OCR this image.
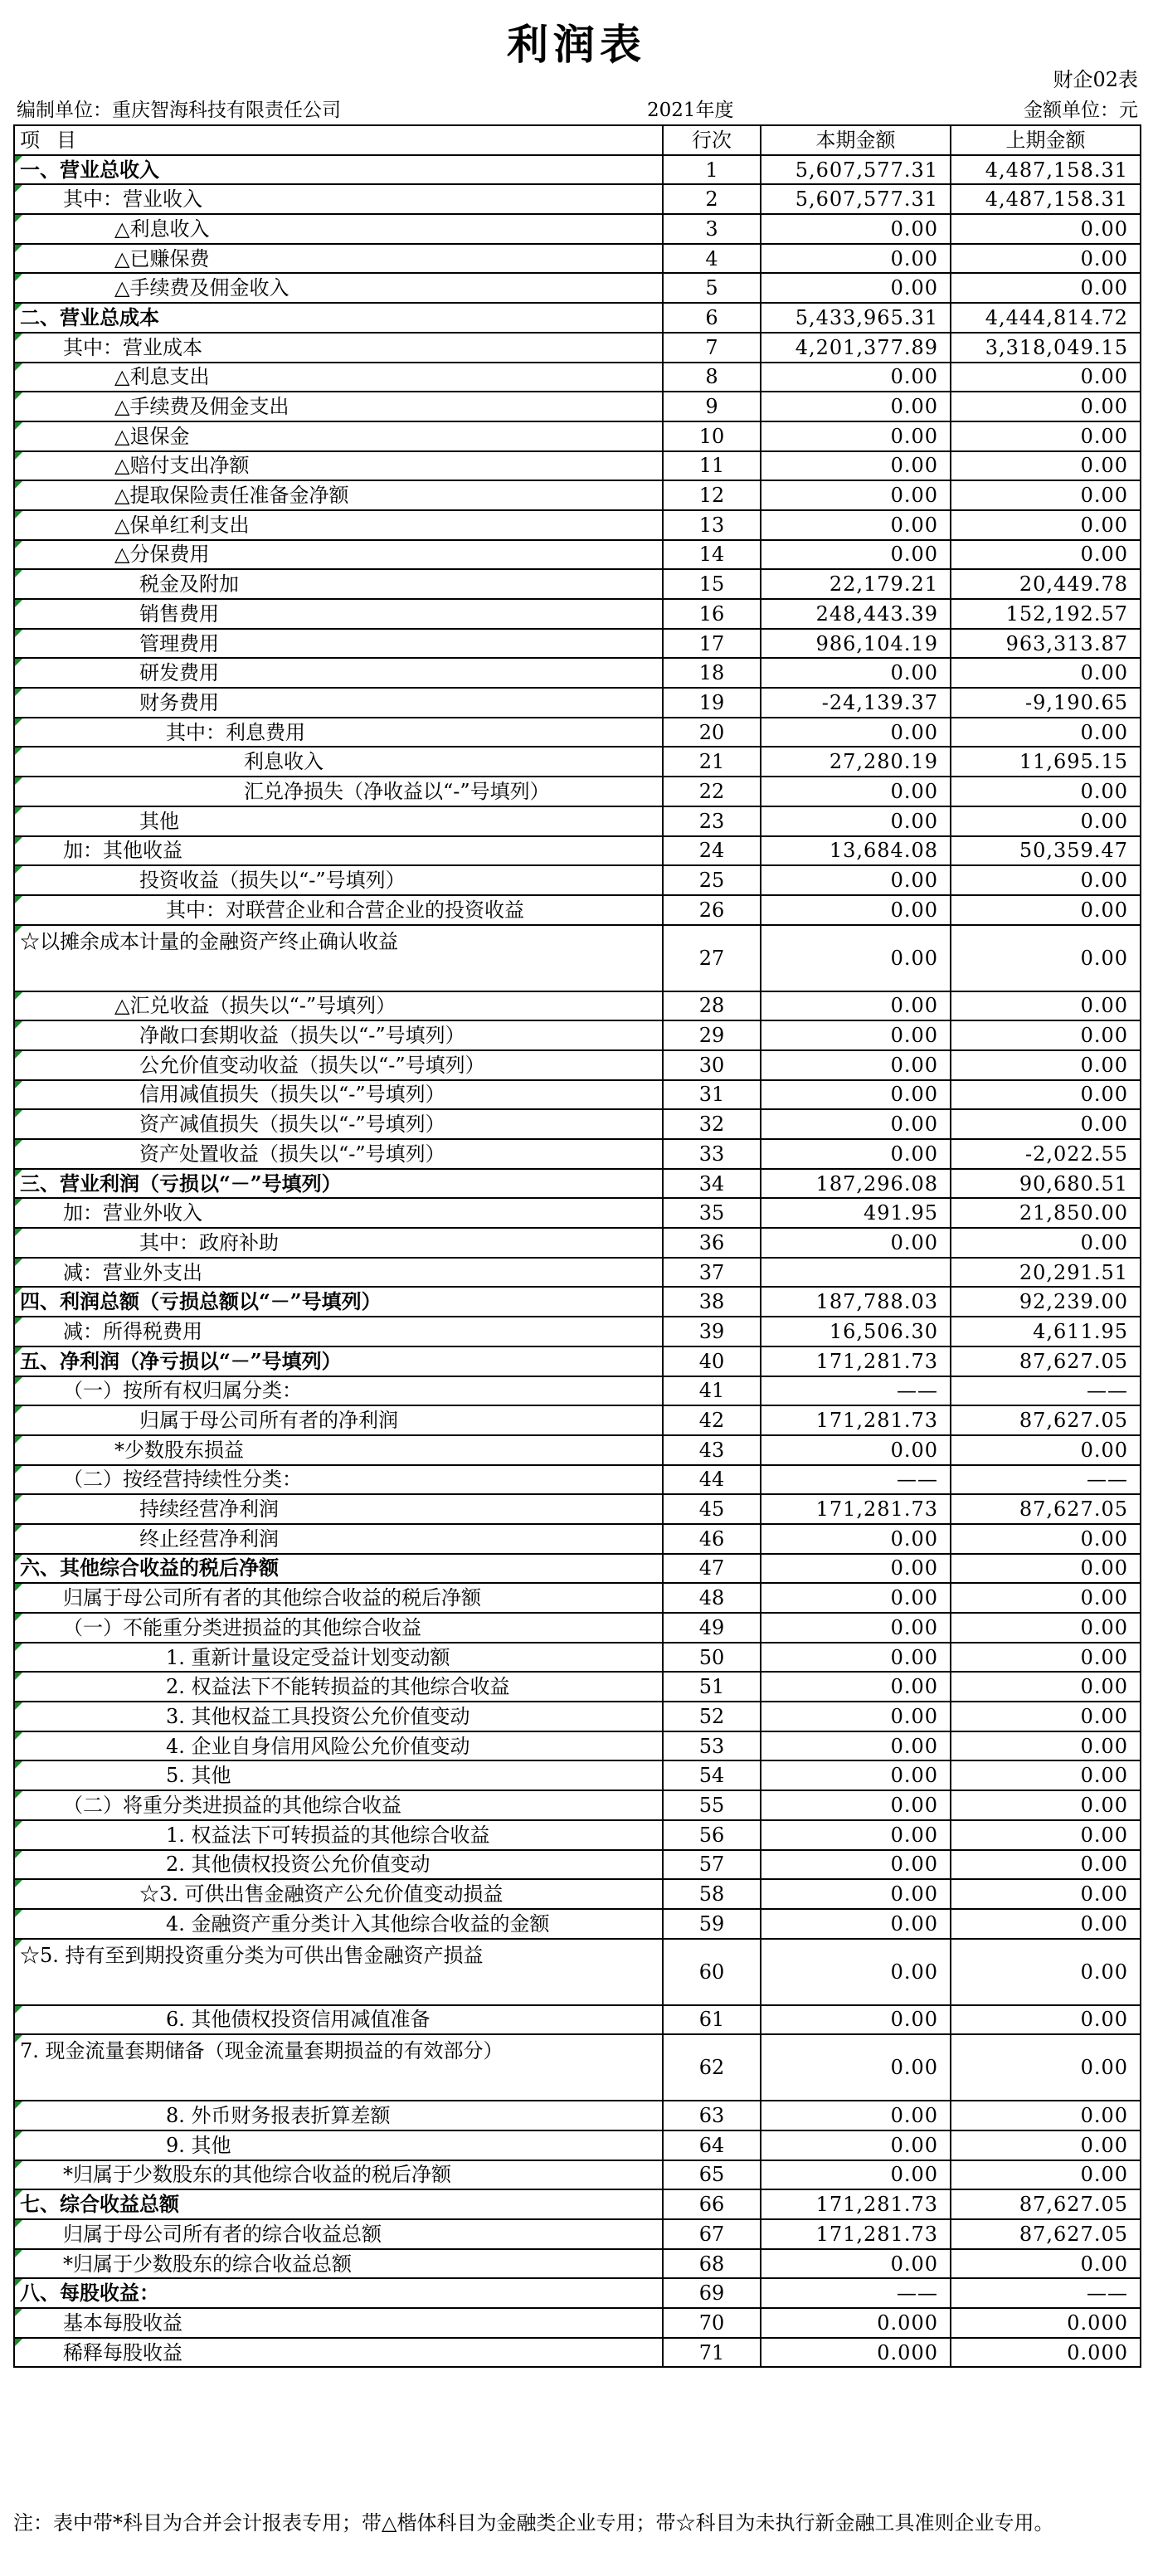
利润表
财企02表
编制单位：重庆智海科技有限责任公司	2021年度	金额单位：元
项目	行次	本期金额	上期金额
一、营业总收入	1	5,607,577.31	4,487,158.31
其中：营业收入	2	5,607,577.31	4,487,158.31
△利息收入	3	0.00	0.00
△已赚保费	4	0.00	0.00
△手续费及佣金收入	5	0.00	0.00
二、营业总成本	6	5,433,965.31	4,444,814.72
其中：营业成本	7	4,201,377.89	3,318,049.15
△利息支出	8	0.00	0.00
△手续费及佣金支出	9	0.00	0.00
△退保金	10	0.00	0.00
△赔付支出净额	11	0.00	0.00
△提取保险责任准备金净额	12	0.00	0.00
△保单红利支出	13	0.00	0.00
△分保费用	14	0.00	0.00
税金及附加	15	22,179.21	20,449.78
销售费用	16	248,443.39	152,192.57
管理费用	17	986,104.19	963,313.87
研发费用	18	0.00	0.00
财务费用	19	-24,139.37	-9,190.65
其中：利息费用	20	0.00	0.00
利息收入	21	27,280.19	11,695.15
汇兑净损失（净收益以“-”号填列）	22	0.00	0.00
其他	23	0.00	0.00
加：其他收益	24	13,684.08	50,359.47
投资收益（损失以“-”号填列）	25	0.00	0.00
其中：对联营企业和合营企业的投资收益	26	0.00	0.00
☆以摊余成本计量的金融资产终止确认收益	27	0.00	0.00
△汇兑收益（损失以“-”号填列）	28	0.00	0.00
净敞口套期收益（损失以“-”号填列）	29	0.00	0.00
公允价值变动收益（损失以“-”号填列）	30	0.00	0.00
信用减值损失（损失以“-”号填列）	31	0.00	0.00
资产减值损失（损失以“-”号填列）	32	0.00	0.00
资产处置收益（损失以“-”号填列）	33	0.00	-2,022.55
三、营业利润（亏损以“－”号填列）	34	187,296.08	90,680.51
加：营业外收入	35	491.95	21,850.00
其中：政府补助	36	0.00	0.00
减：营业外支出	37		20,291.51
四、利润总额（亏损总额以“－”号填列）	38	187,788.03	92,239.00
减：所得税费用	39	16,506.30	4,611.95
五、净利润（净亏损以“－”号填列）	40	171,281.73	87,627.05
（一）按所有权归属分类：	41	——	——
归属于母公司所有者的净利润	42	171,281.73	87,627.05
*少数股东损益	43	0.00	0.00
（二）按经营持续性分类：	44	——	——
持续经营净利润	45	171,281.73	87,627.05
终止经营净利润	46	0.00	0.00
六、其他综合收益的税后净额	47	0.00	0.00
归属于母公司所有者的其他综合收益的税后净额	48	0.00	0.00
（一）不能重分类进损益的其他综合收益	49	0.00	0.00
1. 重新计量设定受益计划变动额	50	0.00	0.00
2. 权益法下不能转损益的其他综合收益	51	0.00	0.00
3. 其他权益工具投资公允价值变动	52	0.00	0.00
4. 企业自身信用风险公允价值变动	53	0.00	0.00
5. 其他	54	0.00	0.00
（二）将重分类进损益的其他综合收益	55	0.00	0.00
1. 权益法下可转损益的其他综合收益	56	0.00	0.00
2. 其他债权投资公允价值变动	57	0.00	0.00
☆3. 可供出售金融资产公允价值变动损益	58	0.00	0.00
4. 金融资产重分类计入其他综合收益的金额	59	0.00	0.00
☆5. 持有至到期投资重分类为可供出售金融资产损益	60	0.00	0.00
6. 其他债权投资信用减值准备	61	0.00	0.00
7. 现金流量套期储备（现金流量套期损益的有效部分）	62	0.00	0.00
8. 外币财务报表折算差额	63	0.00	0.00
9. 其他	64	0.00	0.00
*归属于少数股东的其他综合收益的税后净额	65	0.00	0.00
七、综合收益总额	66	171,281.73	87,627.05
归属于母公司所有者的综合收益总额	67	171,281.73	87,627.05
*归属于少数股东的综合收益总额	68	0.00	0.00
八、每股收益：	69	——	——
基本每股收益	70	0.000	0.000
稀释每股收益	71	0.000	0.000
注：表中带*科目为合并会计报表专用；带△楷体科目为金融类企业专用；带☆科目为未执行新金融工具准则企业专用。
